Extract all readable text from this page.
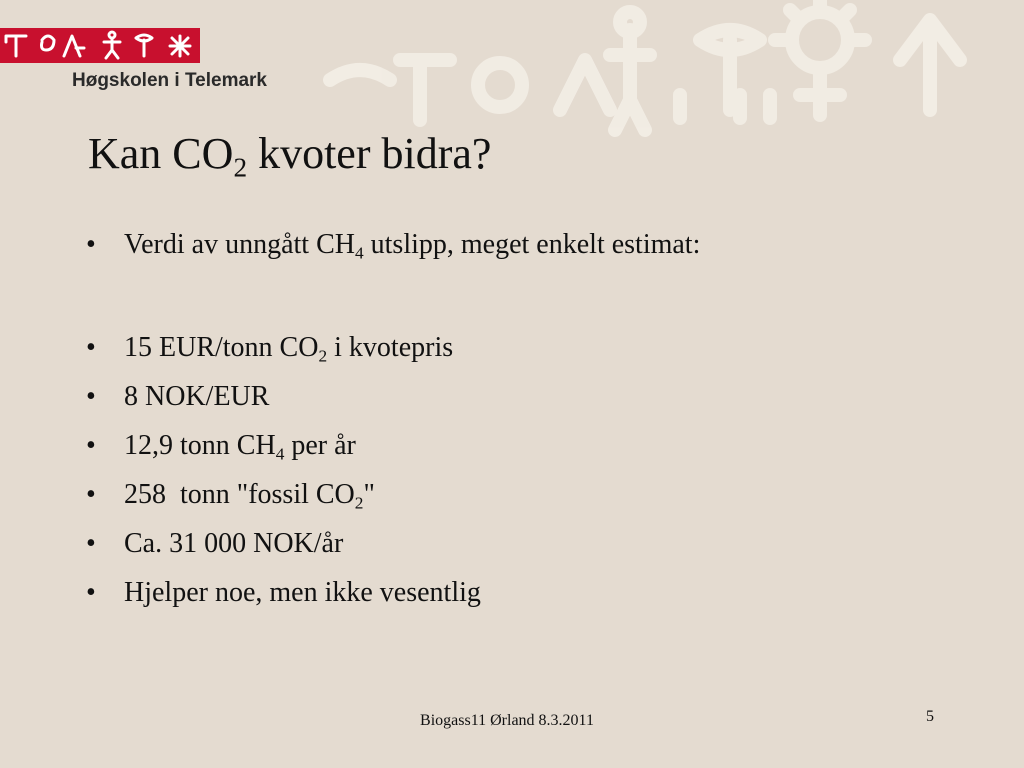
Høgskolen i Telemark
Kan $CO_2$ kvoter bidra?
• Verdi av unngått $CH_4$ utslipp, meget enkelt estimat:
• 15 EUR/tonn $CO_2$ i kvotepris
• 8 NOK/EUR
• 12,9 tonn $CH_4$ per år
• 258  tonn "fossil $CO_2$"
• Ca. 31 000 NOK/år
• Hjelper noe, men ikke vesentlig
Biogass11 Ørland 8.3.2011	5
